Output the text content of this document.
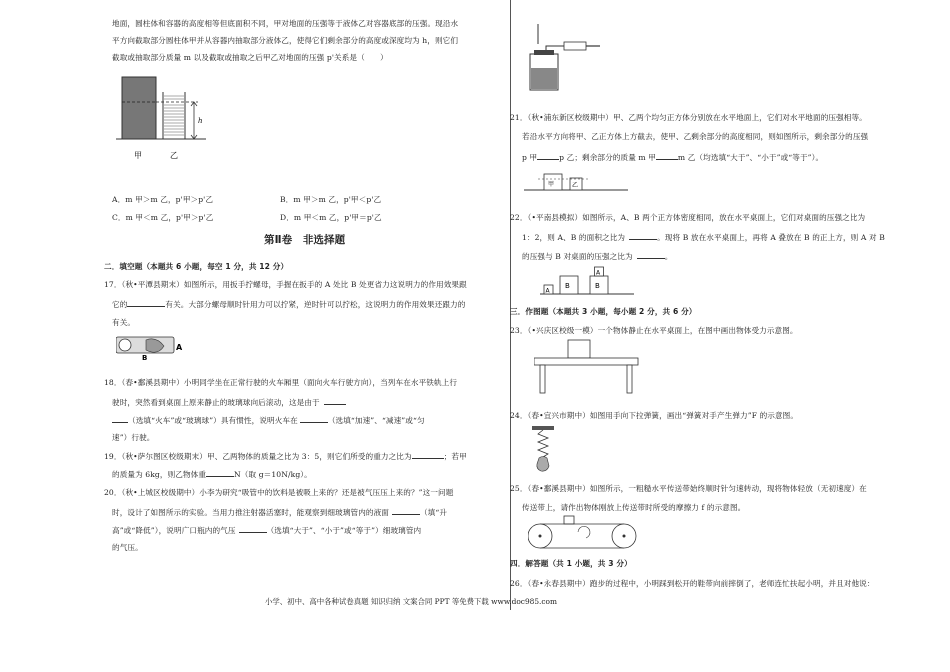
地面，圆柱体和容器的高度相等但底面积不同，甲对地面的压强等于液体乙对容器底部的压强。现沿水
平方向截取部分圆柱体甲并从容器内抽取部分液体乙，使得它们剩余部分的高度或深度均为 h，则它们
截取或抽取部分质量 m 以及截取或抽取之后甲乙对地面的压强 p'关系是（　　）
h
甲	乙
A．m 甲＞m 乙，p'甲＞p'乙	B．m 甲＞m 乙，p'甲＜p'乙
C．m 甲＜m 乙，p'甲＞p'乙	D．m 甲＜m 乙，p'甲＝p'乙
第Ⅱ卷　非选择题
二．填空题（本题共 6 小题，每空 1 分，共 12 分）
17．（秋•平潭县期末）如图所示，用扳手拧螺母，手握在扳手的 A 处比 B 处更省力这说明力的作用效果跟
它的	有关。大部分螺母顺时针用力可以拧紧，逆时针可以拧松，这说明力的作用效果还跟力的
有关。
B
A
18．（春•鄱溪县期中）小明同学坐在正常行驶的火车厢里（面向火车行驶方向），当列车在水平铁轨上行
驶时，突然看到桌面上原来静止的玻璃球向后滚动，这是由于
（选填“火车”或“玻璃球”）具有惯性，说明火车在	（选填“加速”、“减速”或“匀
速”）行驶。
19．（秋•萨尔图区校级期末）甲、乙两物体的质量之比为 3：5，则它们所受的重力之比为	；若甲
的质量为 6kg，则乙物体重	N（取 g＝10N/kg）。
20．（秋•上城区校级期中）小李为研究“吸管中的饮料是被吸上来的？还是被气压压上来的？”这一问题
时，设计了如图所示的实验。当用力推注射器活塞时，能观察到细玻璃管内的液面	（填“升
高”或“降低”），说明广口瓶内的气压	（选填“大于”、“小于”或“等于”）细玻璃管内
的气压。
21．（秋•浦东新区校级期中）甲、乙两个均匀正方体分别放在水平地面上，它们对水平地面的压强相等。
若沿水平方向将甲、乙正方体上方截去，使甲、乙剩余部分的高度相同，则如图所示，剩余部分的压强
p 甲	p 乙；剩余部分的质量 m 甲	m 乙（均选填“大于”、“小于”或“等于”）。
甲	乙
22．（•平南县模拟）如图所示，A、B 两个正方体密度相同，放在水平桌面上，它们对桌面的压强之比为
1：2，则 A、B 的面积之比为	。现将 B 放在水平桌面上，再将 A 叠放在 B 的正上方，则 A 对 B
的压强与 B 对桌面的压强之比为	。
A
B	B
A
三．作图题（本题共 3 小题，每小题 2 分，共 6 分）
23．（•兴庆区校级一模）一个物体静止在水平桌面上，在图中画出物体受力示意图。
24．（春•宜兴市期中）如图用手向下拉弹簧，画出“弹簧对手产生弹力”F 的示意图。
25．（春•鄱溪县期中）如图所示，一粗糙水平传送带始终顺时针匀速转动，现将物体轻放（无初速度）在
传送带上，请作出物体刚放上传送带时所受的摩擦力 f 的示意图。
四．解答题（共 1 小题，共 3 分）
26．（春•永春县期中）跑步的过程中，小明踩到松开的鞋带向前摔倒了，老师连忙扶起小明，并且对他说：
小学、初中、高中各种试卷真题 知识归纳 文案合同 PPT 等免费下载 www.doc985.com
